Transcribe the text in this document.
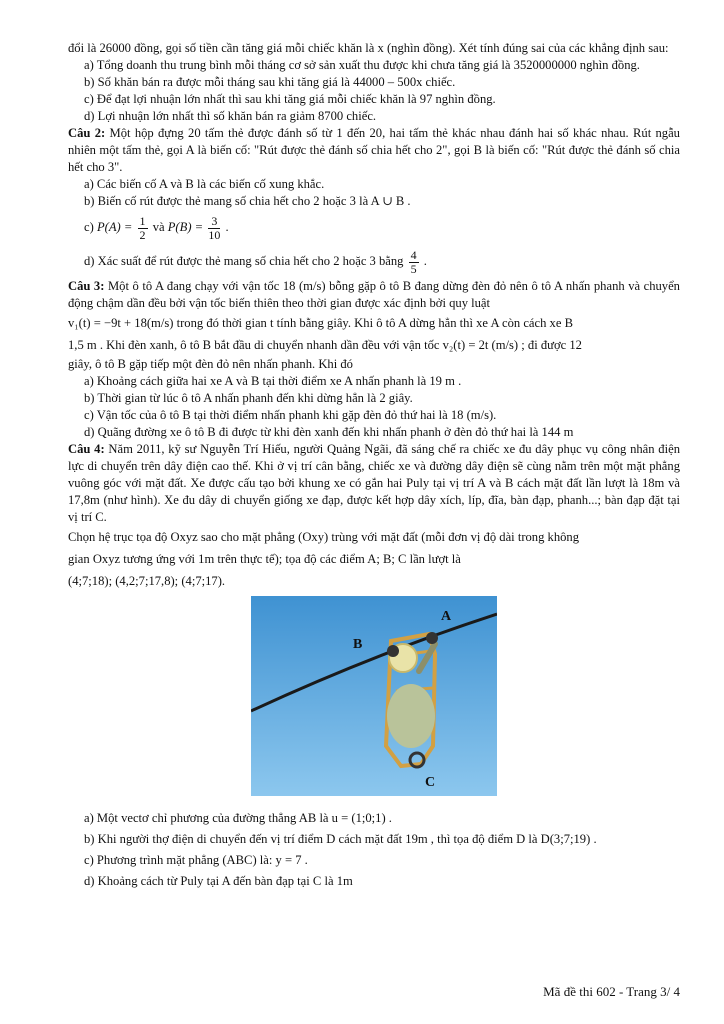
đổi là 26000 đồng, gọi số tiền cần tăng giá mỗi chiếc khăn là x (nghìn đồng). Xét tính đúng sai của các khẳng định sau:

a) Tổng doanh thu trung bình mỗi tháng cơ sở sản xuất thu được khi chưa tăng giá là 3520000000 nghìn đồng.

b) Số khăn bán ra được mỗi tháng sau khi tăng giá là 44000 – 500x chiếc.

c) Để đạt lợi nhuận lớn nhất thì sau khi tăng giá mỗi chiếc khăn là 97 nghìn đồng.

d) Lợi nhuận lớn nhất thì số khăn bán ra giảm 8700 chiếc.

Câu 2: Một hộp đựng 20 tấm thẻ được đánh số từ 1 đến 20, hai tấm thẻ khác nhau đánh hai số khác nhau. Rút ngẫu nhiên một tấm thẻ, gọi A là biến cố: "Rút được thẻ đánh số chia hết cho 2", gọi B là biến cố: "Rút được thẻ đánh số chia hết cho 3".

a) Các biến cố A và B là các biến cố xung khắc.

b) Biến cố rút được thẻ mang số chia hết cho 2 hoặc 3 là A ∪ B .

c) $P(A) = \frac{1}{2}$ và $P(B) = \frac{3}{10}$ .

d) Xác suất để rút được thẻ mang số chia hết cho 2 hoặc 3 bằng $\frac{4}{5}$ .

Câu 3: Một ô tô A đang chạy với vận tốc 18 (m/s) bỗng gặp ô tô B đang dừng đèn đỏ nên ô tô A nhấn phanh và chuyển động chậm dần đều bởi vận tốc biến thiên theo thời gian được xác định bởi quy luật

v₁(t) = −9t + 18(m/s) trong đó thời gian t tính bằng giây. Khi ô tô A dừng hẳn thì xe A còn cách xe B

1,5 m . Khi đèn xanh, ô tô B bắt đầu di chuyển nhanh dần đều với vận tốc v₂(t) = 2t (m/s) ; đi được 12

giây, ô tô B gặp tiếp một đèn đỏ nên nhấn phanh. Khi đó

a) Khoảng cách giữa hai xe A và B tại thời điểm xe A nhấn phanh là 19 m .

b) Thời gian từ lúc ô tô A nhấn phanh đến khi dừng hẳn là 2 giây.

c) Vận tốc của ô tô B tại thời điểm nhấn phanh khi gặp đèn đỏ thứ hai là 18 (m/s).

d) Quãng đường xe ô tô B đi được từ khi đèn xanh đến khi nhấn phanh ở đèn đỏ thứ hai là 144 m

Câu 4: Năm 2011, kỹ sư Nguyễn Trí Hiếu, người Quảng Ngãi, đã sáng chế ra chiếc xe đu dây phục vụ công nhân điện lực di chuyển trên dây điện cao thế. Khi ở vị trí cân bằng, chiếc xe và đường dây điện sẽ cùng nằm trên một mặt phẳng vuông góc với mặt đất. Xe được cấu tạo bởi khung xe có gắn hai Puly tại vị trí A và B cách mặt đất lần lượt là 18m và 17,8m (như hình). Xe đu dây di chuyển giống xe đạp, được kết hợp dây xích, líp, đĩa, bàn đạp, phanh...; bàn đạp đặt tại vị trí C.

Chọn hệ trục tọa độ Oxyz sao cho mặt phẳng (Oxy) trùng với mặt đất (mỗi đơn vị độ dài trong không

gian Oxyz tương ứng với 1m trên thực tế); tọa độ các điểm A; B; C lần lượt là

(4;7;18); (4,2;7;17,8); (4;7;17).

A
B
C

a) Một vectơ chỉ phương của đường thẳng AB là u = (1;0;1) .

b) Khi người thợ điện di chuyển đến vị trí điểm D cách mặt đất 19m , thì tọa độ điểm D là D(3;7;19) .

c) Phương trình mặt phẳng (ABC) là: y = 7 .

d) Khoảng cách từ Puly tại A đến bàn đạp tại C là 1m

Mã đề thi 602 - Trang 3/ 4
